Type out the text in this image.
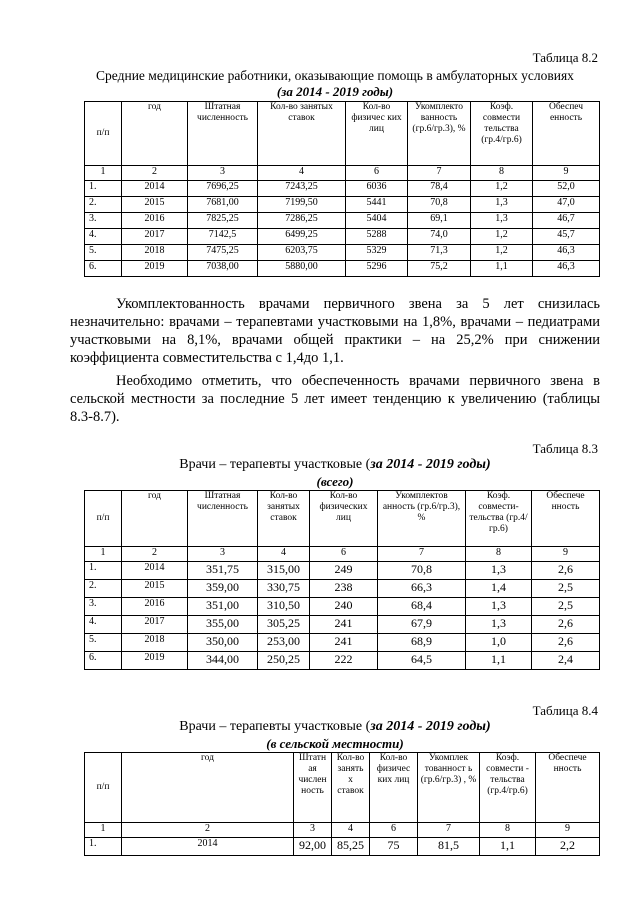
Таблица 8.2
Средние медицинские работники, оказывающие помощь в амбулаторных условиях
(за 2014 - 2019 годы)
п/п	год	Штатная численность	Кол-во занятых ставок	Кол-во физичес ких лиц	Укомплекто ванность (гр.6/гр.3), %	Коэф. совмести тельства (гр.4/гр.6)	Обеспеч енность
1	2	3	4	6	7	8	9
1.	2014	7696,25	7243,25	6036	78,4	1,2	52,0
2.	2015	7681,00	7199,50	5441	70,8	1,3	47,0
3.	2016	7825,25	7286,25	5404	69,1	1,3	46,7
4.	2017	7142,5	6499,25	5288	74,0	1,2	45,7
5.	2018	7475,25	6203,75	5329	71,3	1,2	46,3
6.	2019	7038,00	5880,00	5296	75,2	1,1	46,3
Укомплектованность врачами первичного звена за 5 лет снизилась незначительно: врачами – терапевтами участковыми на 1,8%, врачами – педиатрами участковыми на 8,1%, врачами общей практики – на 25,2% при снижении коэффициента совместительства с 1,4до 1,1.
Необходимо отметить, что обеспеченность врачами первичного звена в сельской местности за последние 5 лет имеет тенденцию к увеличению (таблицы 8.3-8.7).
Таблица 8.3
Врачи – терапевты участковые (за 2014 - 2019 годы)
(всего)
п/п	год	Штатная численность	Кол-во занятых ставок	Кол-во физических лиц	Укомплектов анность (гр.6/гр.3), %	Коэф. совмести-тельства (гр.4/гр.6)	Обеспече нность
1	2	3	4	6	7	8	9
1.	2014	351,75	315,00	249	70,8	1,3	2,6
2.	2015	359,00	330,75	238	66,3	1,4	2,5
3.	2016	351,00	310,50	240	68,4	1,3	2,5
4.	2017	355,00	305,25	241	67,9	1,3	2,6
5.	2018	350,00	253,00	241	68,9	1,0	2,6
6.	2019	344,00	250,25	222	64,5	1,1	2,4
Таблица 8.4
Врачи – терапевты участковые (за 2014 - 2019 годы)
(в сельской местности)
п/п	год	Штатн ая числен ность	Кол-во занять х ставок	Кол-во физичес ких лиц	Укомплек тованност ь (гр.6/гр.3) , %	Коэф. совмести - тельства (гр.4/гр.6)	Обеспече нность
1	2	3	4	6	7	8	9
1.	2014	92,00	85,25	75	81,5	1,1	2,2
